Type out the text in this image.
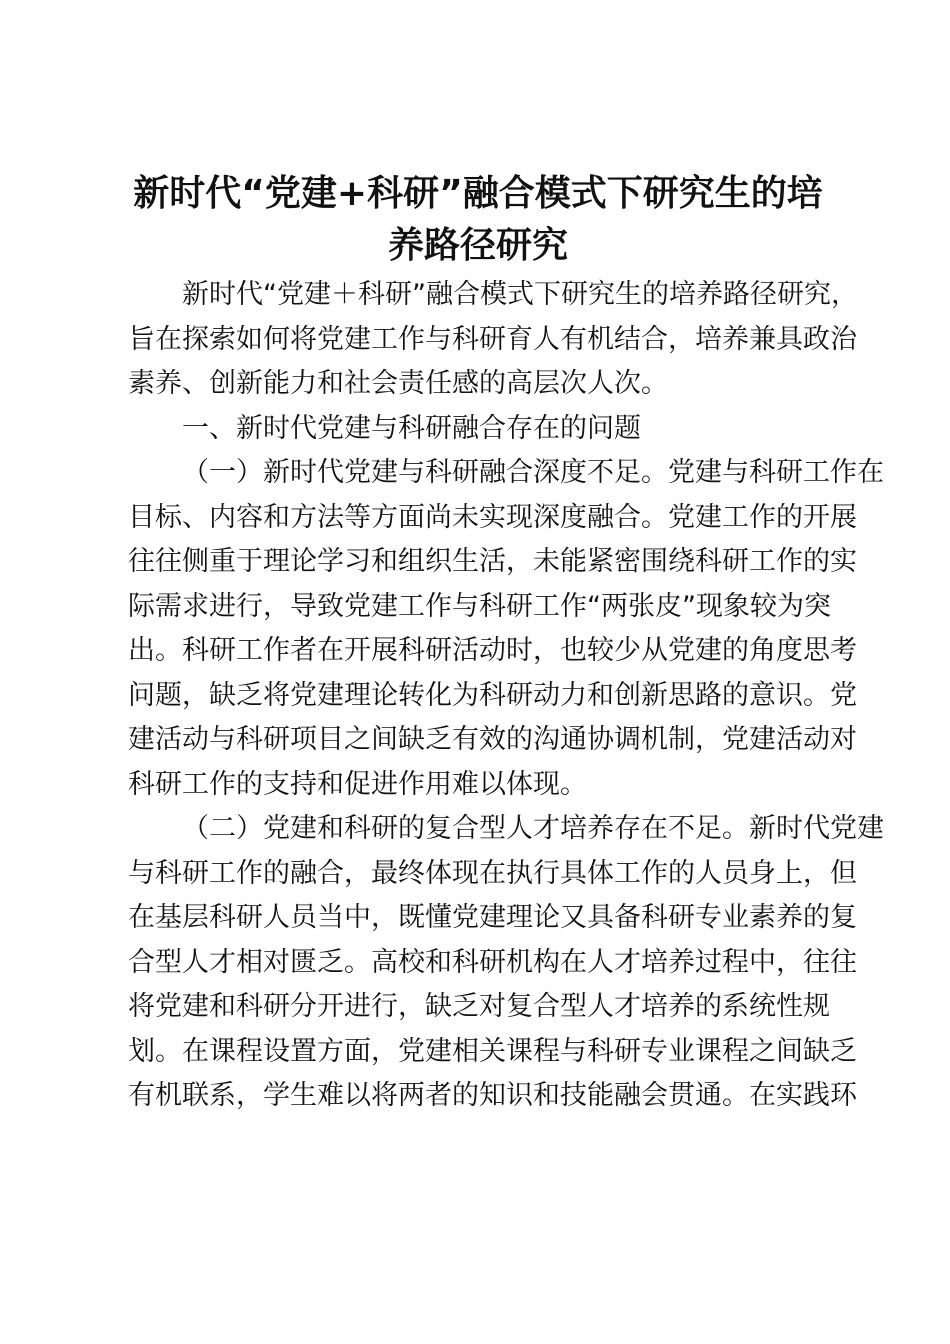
新时代“党建+科研”融合模式下研究生的培
养路径研究

新时代“党建＋科研”融合模式下研究生的培养路径研究，
旨在探索如何将党建工作与科研育人有机结合，培养兼具政治
素养、创新能力和社会责任感的高层次人次。

一、新时代党建与科研融合存在的问题

（一）新时代党建与科研融合深度不足。党建与科研工作在
目标、内容和方法等方面尚未实现深度融合。党建工作的开展
往往侧重于理论学习和组织生活，未能紧密围绕科研工作的实
际需求进行，导致党建工作与科研工作“两张皮”现象较为突
出。科研工作者在开展科研活动时，也较少从党建的角度思考
问题，缺乏将党建理论转化为科研动力和创新思路的意识。党
建活动与科研项目之间缺乏有效的沟通协调机制，党建活动对
科研工作的支持和促进作用难以体现。

（二）党建和科研的复合型人才培养存在不足。新时代党建
与科研工作的融合，最终体现在执行具体工作的人员身上，但
在基层科研人员当中，既懂党建理论又具备科研专业素养的复
合型人才相对匮乏。高校和科研机构在人才培养过程中，往往
将党建和科研分开进行，缺乏对复合型人才培养的系统性规
划。在课程设置方面，党建相关课程与科研专业课程之间缺乏
有机联系，学生难以将两者的知识和技能融会贯通。在实践环
